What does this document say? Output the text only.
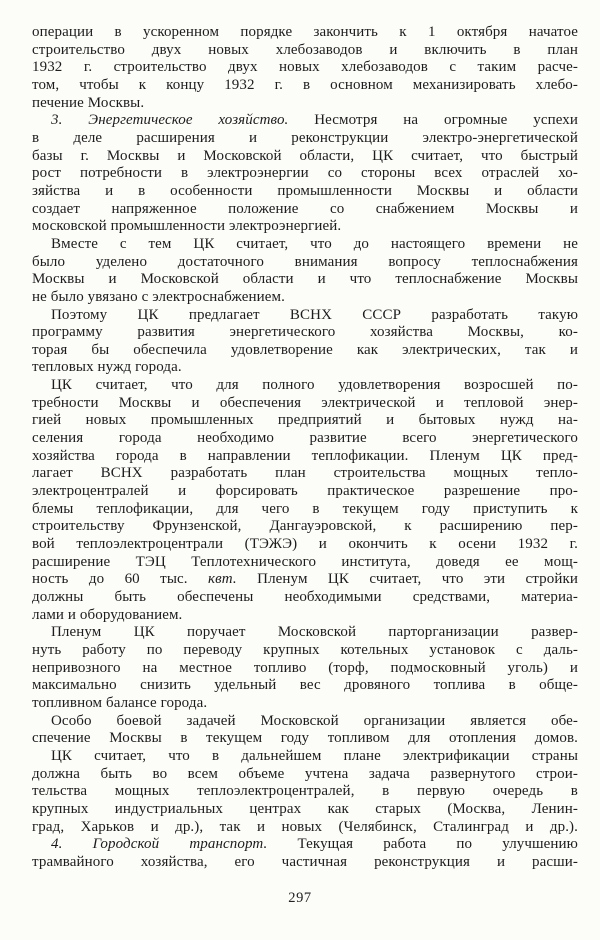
операции в ускоренном порядке закончить к 1 октября начатое
строительство двух новых хлебозаводов и включить в план
1932 г. строительство двух новых хлебозаводов с таким расче-
том, чтобы к концу 1932 г. в основном механизировать хлебо-
печение Москвы.
3. Энергетическое хозяйство. Несмотря на огромные успехи
в деле расширения и реконструкции электро-энергетической
базы г. Москвы и Московской области, ЦК считает, что быстрый
рост потребности в электроэнергии со стороны всех отраслей хо-
зяйства и в особенности промышленности Москвы и области
создает напряженное положение со снабжением Москвы и
московской промышленности электроэнергией.
Вместе с тем ЦК считает, что до настоящего времени не
было уделено достаточного внимания вопросу теплоснабжения
Москвы и Московской области и что теплоснабжение Москвы
не было увязано с электроснабжением.
Поэтому ЦК предлагает ВСНХ СССР разработать такую
программу развития энергетического хозяйства Москвы, ко-
торая бы обеспечила удовлетворение как электрических, так и
тепловых нужд города.
ЦК считает, что для полного удовлетворения возросшей по-
требности Москвы и обеспечения электрической и тепловой энер-
гией новых промышленных предприятий и бытовых нужд на-
селения города необходимо развитие всего энергетического
хозяйства города в направлении теплофикации. Пленум ЦК пред-
лагает ВСНХ разработать план строительства мощных тепло-
электроцентралей и форсировать практическое разрешение про-
блемы теплофикации, для чего в текущем году приступить к
строительству Фрунзенской, Дангауэровской, к расширению пер-
вой теплоэлектроцентрали (ТЭЖЭ) и окончить к осени 1932 г.
расширение ТЭЦ Теплотехнического института, доведя ее мощ-
ность до 60 тыс. квт. Пленум ЦК считает, что эти стройки
должны быть обеспечены необходимыми средствами, материа-
лами и оборудованием.
Пленум ЦК поручает Московской парторганизации развер-
нуть работу по переводу крупных котельных установок с даль-
непривозного на местное топливо (торф, подмосковный уголь) и
максимально снизить удельный вес дровяного топлива в обще-
топливном балансе города.
Особо боевой задачей Московской организации является обе-
спечение Москвы в текущем году топливом для отопления домов.
ЦК считает, что в дальнейшем плане электрификации страны
должна быть во всем объеме учтена задача развернутого строи-
тельства мощных теплоэлектроцентралей, в первую очередь в
крупных индустриальных центрах как старых (Москва, Ленин-
град, Харьков и др.), так и новых (Челябинск, Сталинград и др.).
4. Городской транспорт. Текущая работа по улучшению
трамвайного хозяйства, его частичная реконструкция и расши-
297
